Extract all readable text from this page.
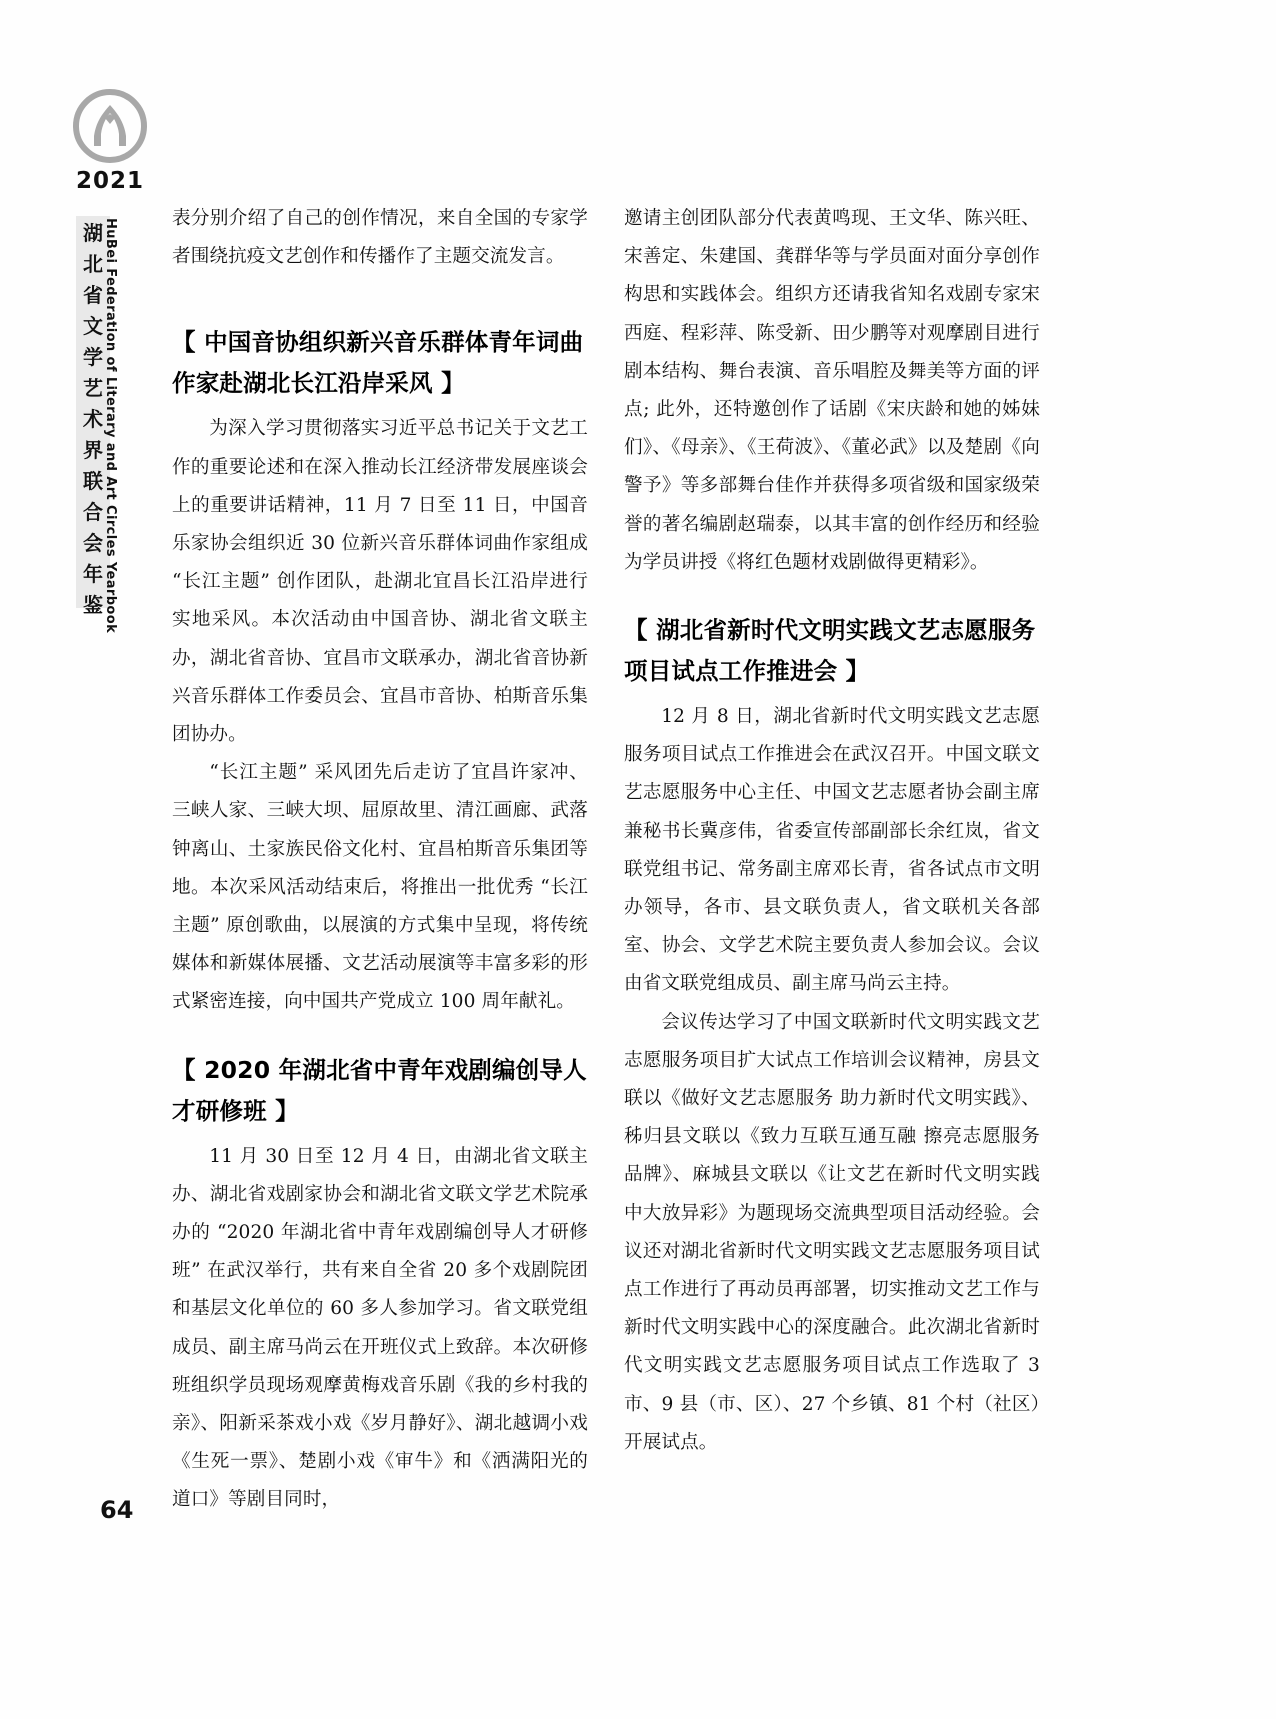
2021
湖
北
省
文
学
艺
术
界
联
合
会
年
鉴 HuBei Federation of Literary and Art Circles Yearbook	表分别介绍了自己的创作情况，来自全国的专家学者围绕抗疫文艺创作和传播作了主题交流发言。

【 中国音协组织新兴音乐群体青年词曲作家赴湖北长江沿岸采风 】

为深入学习贯彻落实习近平总书记关于文艺工作的重要论述和在深入推动长江经济带发展座谈会上的重要讲话精神，11 月 7 日至 11 日，中国音乐家协会组织近 30 位新兴音乐群体词曲作家组成 “长江主题” 创作团队，赴湖北宜昌长江沿岸进行实地采风。本次活动由中国音协、湖北省文联主办，湖北省音协、宜昌市文联承办，湖北省音协新兴音乐群体工作委员会、宜昌市音协、柏斯音乐集团协办。

“长江主题” 采风团先后走访了宜昌许家冲、三峡人家、三峡大坝、屈原故里、清江画廊、武落钟离山、土家族民俗文化村、宜昌柏斯音乐集团等地。本次采风活动结束后，将推出一批优秀 “长江主题” 原创歌曲，以展演的方式集中呈现，将传统媒体和新媒体展播、文艺活动展演等丰富多彩的形式紧密连接，向中国共产党成立 100 周年献礼。

【 2020 年湖北省中青年戏剧编创导人才研修班 】

11 月 30 日至 12 月 4 日，由湖北省文联主办、湖北省戏剧家协会和湖北省文联文学艺术院承办的 “2020 年湖北省中青年戏剧编创导人才研修班” 在武汉举行，共有来自全省 20 多个戏剧院团和基层文化单位的 60 多人参加学习。省文联党组成员、副主席马尚云在开班仪式上致辞。本次研修班组织学员现场观摩黄梅戏音乐剧《我的乡村我的亲》、阳新采茶戏小戏《岁月静好》、湖北越调小戏《生死一票》、楚剧小戏《审牛》和《洒满阳光的道口》等剧目同时，

邀请主创团队部分代表黄鸣现、王文华、陈兴旺、宋善定、朱建国、龚群华等与学员面对面分享创作构思和实践体会。组织方还请我省知名戏剧专家宋西庭、程彩萍、陈受新、田少鹏等对观摩剧目进行剧本结构、舞台表演、音乐唱腔及舞美等方面的评点; 此外，还特邀创作了话剧《宋庆龄和她的姊妹们》、《母亲》、《王荷波》、《董必武》以及楚剧《向警予》等多部舞台佳作并获得多项省级和国家级荣誉的著名编剧赵瑞泰，以其丰富的创作经历和经验为学员讲授《将红色题材戏剧做得更精彩》。

【 湖北省新时代文明实践文艺志愿服务项目试点工作推进会 】

12 月 8 日，湖北省新时代文明实践文艺志愿服务项目试点工作推进会在武汉召开。中国文联文艺志愿服务中心主任、中国文艺志愿者协会副主席兼秘书长冀彦伟，省委宣传部副部长余红岚，省文联党组书记、常务副主席邓长青，省各试点市文明办领导，各市、县文联负责人，省文联机关各部室、协会、文学艺术院主要负责人参加会议。会议由省文联党组成员、副主席马尚云主持。

会议传达学习了中国文联新时代文明实践文艺志愿服务项目扩大试点工作培训会议精神，房县文联以《做好文艺志愿服务 助力新时代文明实践》、秭归县文联以《致力互联互通互融 擦亮志愿服务品牌》、麻城县文联以《让文艺在新时代文明实践中大放异彩》为题现场交流典型项目活动经验。会议还对湖北省新时代文明实践文艺志愿服务项目试点工作进行了再动员再部署，切实推动文艺工作与新时代文明实践中心的深度融合。此次湖北省新时代文明实践文艺志愿服务项目试点工作选取了 3 市、9 县（市、区）、27 个乡镇、81 个村（社区）开展试点。

64
